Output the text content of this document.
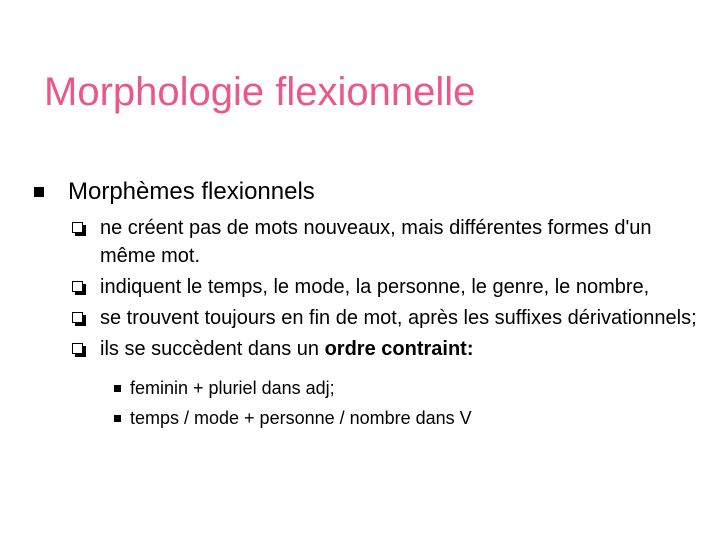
Morphologie flexionnelle
Morphèmes flexionnels
ne créent pas de mots nouveaux, mais différentes formes d'un même mot.
indiquent le temps, le mode, la personne, le genre, le nombre,
se trouvent toujours en fin de mot, après les suffixes dérivationnels;
ils se succèdent dans un ordre contraint:
feminin + pluriel dans adj;
temps / mode + personne / nombre dans V
